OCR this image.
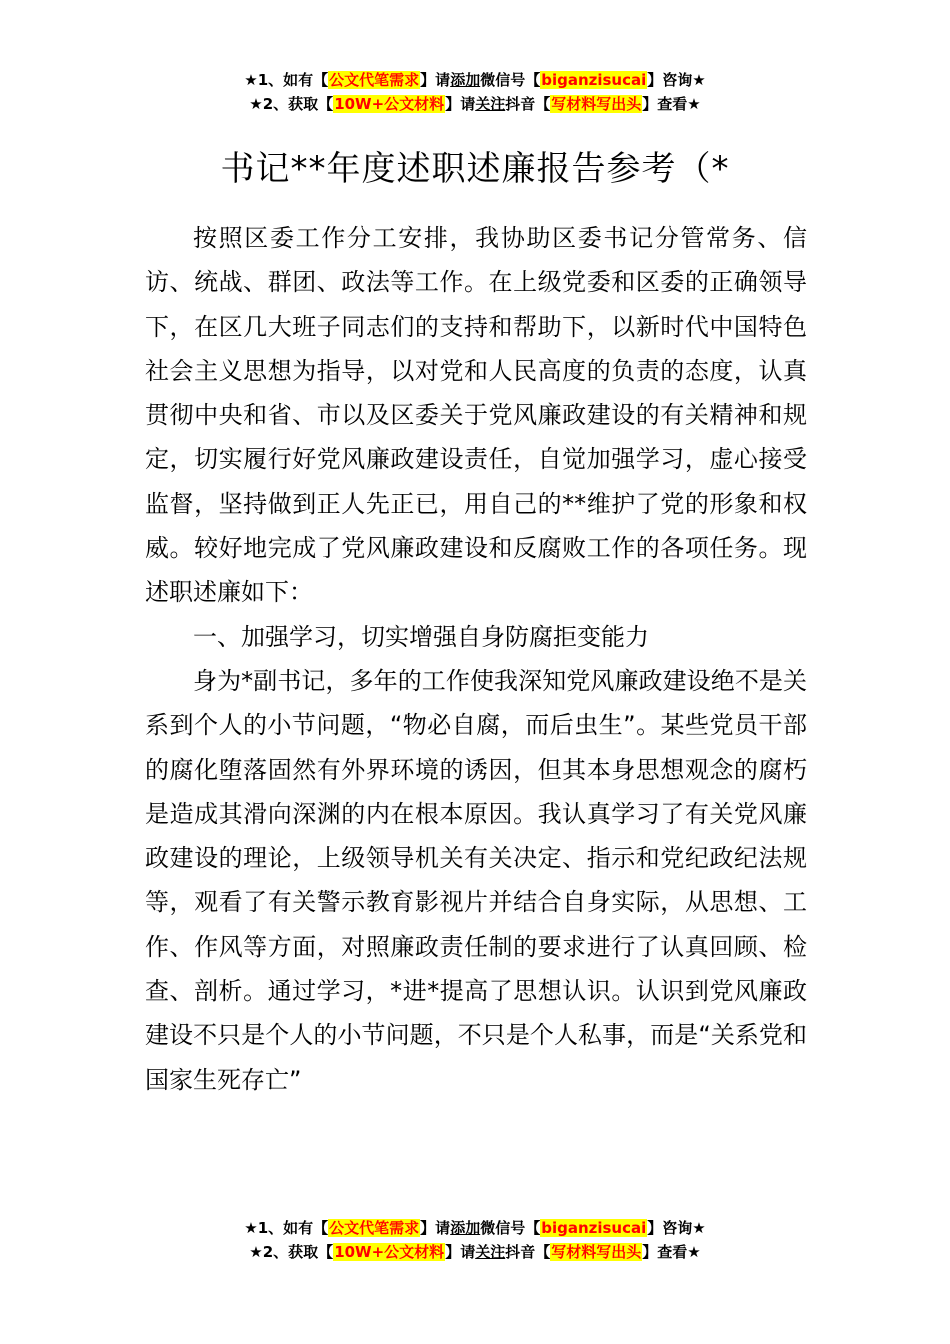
★1、如有【公文代笔需求】请添加微信号【biganzisucai】咨询★
★2、获取【10W+公文材料】请关注抖音【写材料写出头】查看★
书记**年度述职述廉报告参考（*

按照区委工作分工安排，我协助区委书记分管常务、信访、统战、群团、政法等工作。在上级党委和区委的正确领导下，在区几大班子同志们的支持和帮助下，以新时代中国特色社会主义思想为指导，以对党和人民高度的负责的态度，认真贯彻中央和省、市以及区委关于党风廉政建设的有关精神和规定，切实履行好党风廉政建设责任，自觉加强学习，虚心接受监督，坚持做到正人先正已，用自己的**维护了党的形象和权威。较好地完成了党风廉政建设和反腐败工作的各项任务。现述职述廉如下：

一、加强学习，切实增强自身防腐拒变能力

身为*副书记，多年的工作使我深知党风廉政建设绝不是关系到个人的小节问题，“物必自腐，而后虫生”。某些党员干部的腐化堕落固然有外界环境的诱因，但其本身思想观念的腐朽是造成其滑向深渊的内在根本原因。我认真学习了有关党风廉政建设的理论，上级领导机关有关决定、指示和党纪政纪法规等，观看了有关警示教育影视片并结合自身实际，从思想、工作、作风等方面，对照廉政责任制的要求进行了认真回顾、检查、剖析。通过学习，*进*提高了思想认识。认识到党风廉政建设不只是个人的小节问题，不只是个人私事，而是“关系党和国家生死存亡”

★1、如有【公文代笔需求】请添加微信号【biganzisucai】咨询★
★2、获取【10W+公文材料】请关注抖音【写材料写出头】查看★
